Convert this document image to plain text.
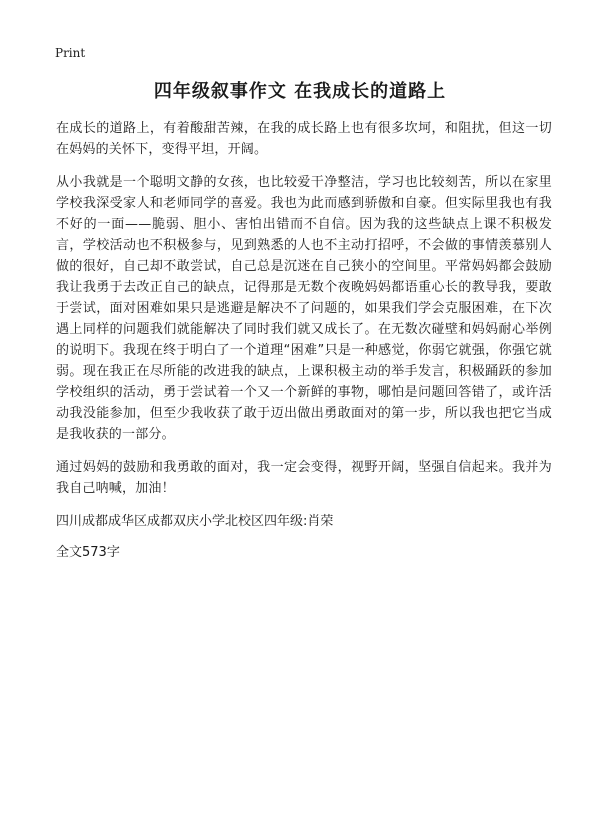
Print
四年级叙事作文 在我成长的道路上

在成长的道路上，有着酸甜苦辣，在我的成长路上也有很多坎坷，和阻扰，但这一切在妈妈的关怀下，变得平坦，开阔。

从小我就是一个聪明文静的女孩，也比较爱干净整洁，学习也比较刻苦，所以在家里学校我深受家人和老师同学的喜爱。我也为此而感到骄傲和自豪。但实际里我也有我不好的一面——脆弱、胆小、害怕出错而不自信。因为我的这些缺点上课不积极发言，学校活动也不积极参与，见到熟悉的人也不主动打招呼，不会做的事情羡慕别人做的很好，自己却不敢尝试，自己总是沉迷在自己狭小的空间里。平常妈妈都会鼓励我让我勇于去改正自己的缺点，记得那是无数个夜晚妈妈都语重心长的教导我，要敢于尝试，面对困难如果只是逃避是解决不了问题的，如果我们学会克服困难，在下次遇上同样的问题我们就能解决了同时我们就又成长了。在无数次碰壁和妈妈耐心举例的说明下。我现在终于明白了一个道理“困难”只是一种感觉，你弱它就强，你强它就弱。现在我正在尽所能的改进我的缺点，上课积极主动的举手发言，积极踊跃的参加学校组织的活动，勇于尝试着一个又一个新鲜的事物，哪怕是问题回答错了，或许活动我没能参加，但至少我收获了敢于迈出做出勇敢面对的第一步，所以我也把它当成是我收获的一部分。

通过妈妈的鼓励和我勇敢的面对，我一定会变得，视野开阔，坚强自信起来。我并为我自己呐喊，加油！

四川成都成华区成都双庆小学北校区四年级:肖荣

全文573字
